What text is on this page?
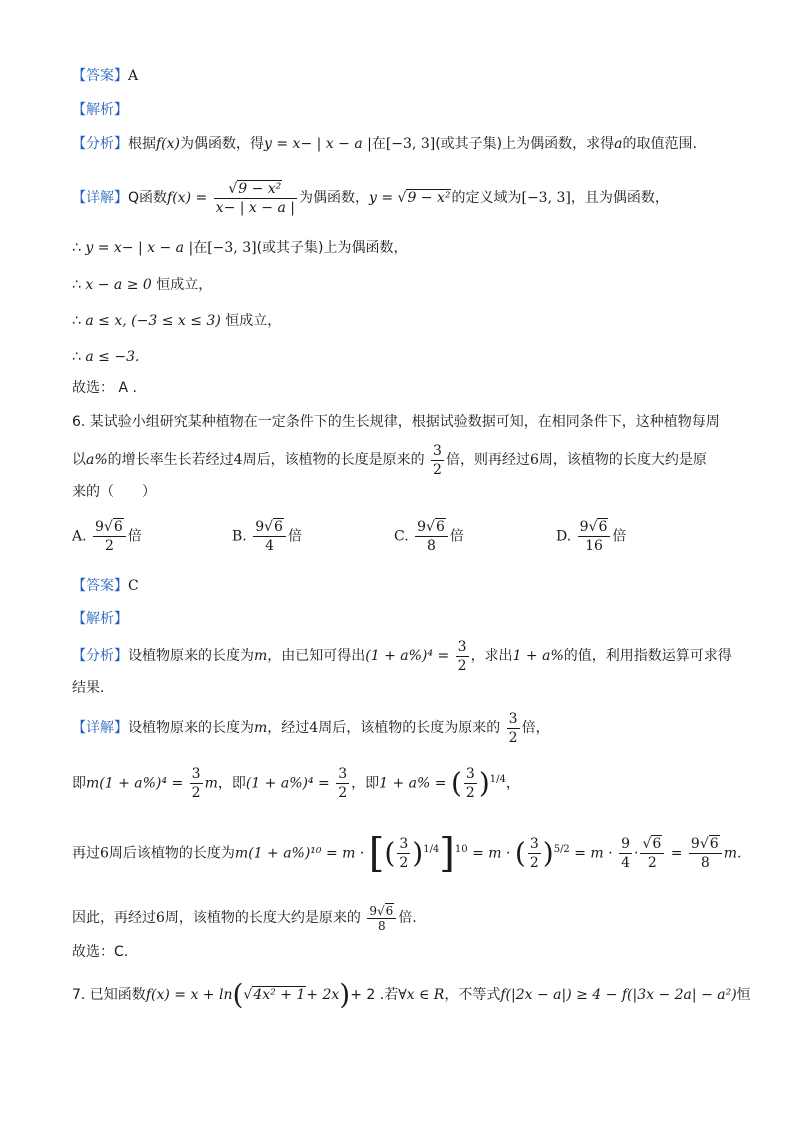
【答案】A
【解析】
【分析】根据f(x)为偶函数，得y = x− | x − a |在[−3, 3](或其子集)上为偶函数，求得a的取值范围.
【详解】Q函数$f(x) = \frac{\text{√9 − x²}}{x- | x - a |}$ 为偶函数，y = √9 − x²的定义域为[−3, 3]，且为偶函数，
∴ y = x− | x − a |在[−3, 3](或其子集)上为偶函数，
∴ x − a ≥ 0 恒成立，
∴ a ≤ x, (−3 ≤ x ≤ 3) 恒成立，
∴ a ≤ −3.
故选： A .
6. 某试验小组研究某种植物在一定条件下的生长规律，根据试验数据可知，在相同条件下，这种植物每周
以a%的增长率生长若经过4周后，该植物的长度是原来的 $\frac{3}{2}$ 倍，则再经过6周，该植物的长度大约是原
来的（　　）
A. $\frac{9√6}{2}$ 倍	B. $\frac{9√6}{4}$ 倍	C. $\frac{9√6}{8}$ 倍	D. $\frac{9√6}{16}$ 倍
【答案】C
【解析】
【分析】设植物原来的长度为m，由已知可得出$(1 + a\%)^4 = \frac{3}{2}$ ，求出1 + a%的值，利用指数运算可求得
结果.
【详解】设植物原来的长度为m，经过4周后，该植物的长度为原来的 $\frac{3}{2}$ 倍，
即$m(1 + a\%)^4 = \frac{3}{2}$ m，即$(1 + a\%)^4 = \frac{3}{2}$ ，即1 + a% = ( $\frac{3}{2} )^{1/4}$，
再过6周后该植物的长度为m(1 + a%)¹⁰ = m · [( $\frac{3}{2} )^{1/4}]^{10} = m$ · ( $\frac{3}{2} )^{5/2} = m \cdot \frac{9}{4} \cdot \frac{√6}{2} = \frac{9√6}{8} m$.
因此，再经过6周，该植物的长度大约是原来的 $\frac{9√6}{8}$ 倍.
故选：C.
7. 已知函数f(x) = x + ln(√4x² + 1+ 2x)+ 2 .若∀x ∈ R，不等式f(|2x − a|) ≥ 4 − f(|3x − 2a| − a²)恒
